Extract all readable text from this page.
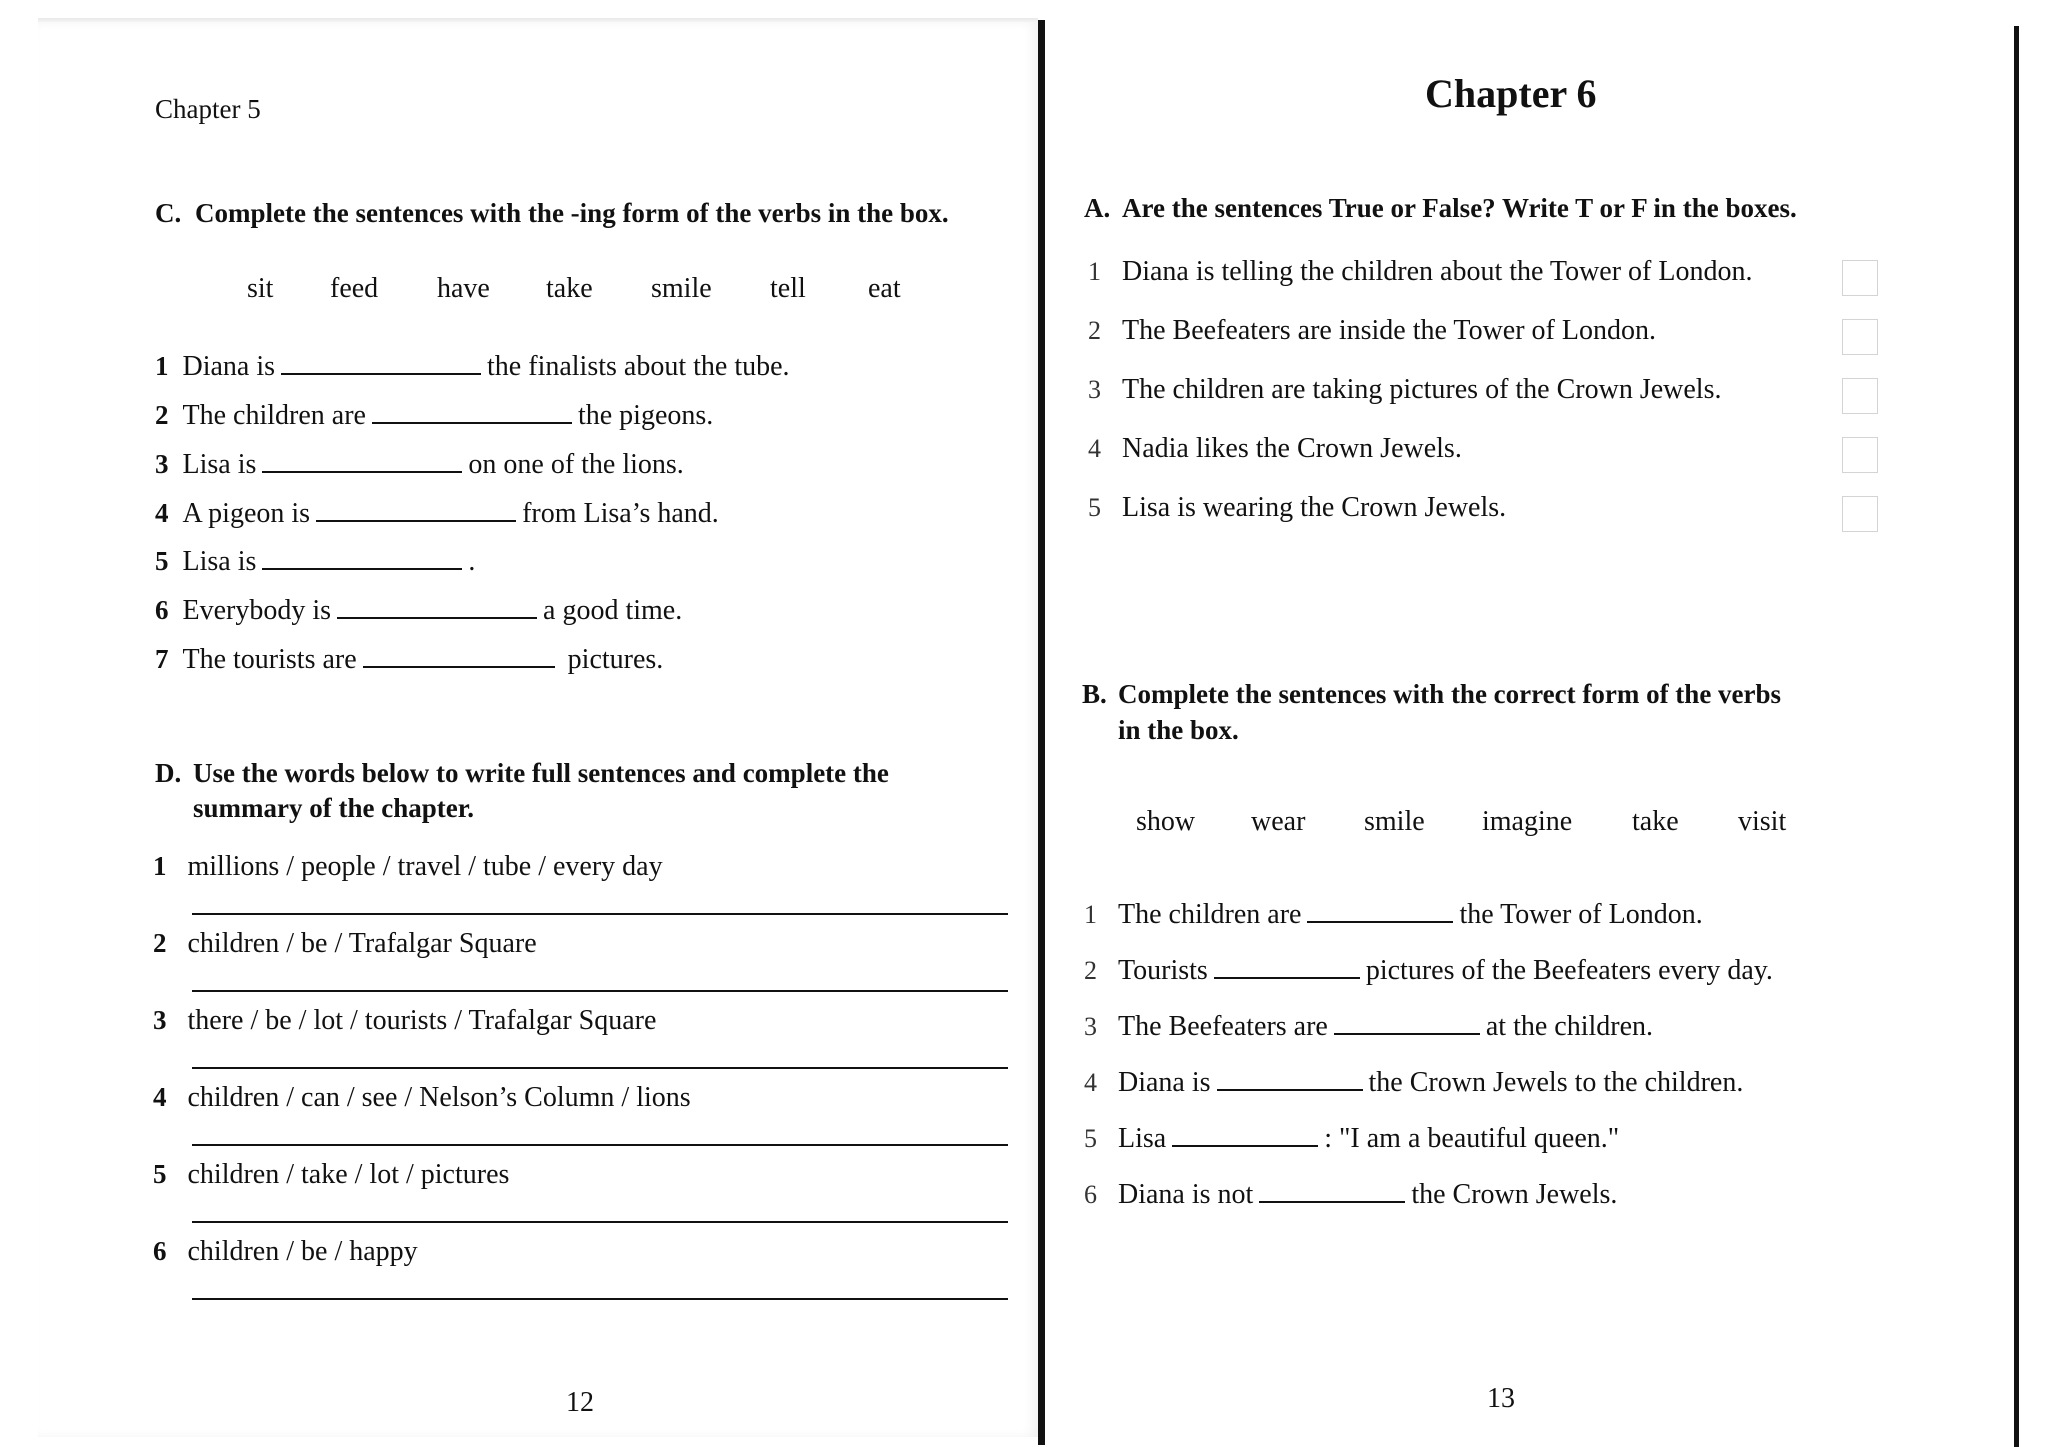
Chapter 5
C. Complete the sentences with the -ing form of the verbs in the box.
sit feed have take smile tell eat
1 Diana is	the finalists about the tube.
2 The children are	the pigeons.
3 Lisa is	on one of the lions.
4 A pigeon is	from Lisa’s hand.
5 Lisa is	.
6 Everybody is	a good time.
7 The tourists are	pictures.
D. Use the words below to write full sentences and complete the
summary of the chapter.
1 millions / people / travel / tube / every day
2 children / be / Trafalgar Square
3 there / be / lot / tourists / Trafalgar Square
4 children / can / see / Nelson’s Column / lions
5 children / take / lot / pictures
6 children / be / happy
12
Chapter 6
A. Are the sentences True or False? Write T or F in the boxes.
1 Diana is telling the children about the Tower of London.
2 The Beefeaters are inside the Tower of London.
3 The children are taking pictures of the Crown Jewels.
4 Nadia likes the Crown Jewels.
5 Lisa is wearing the Crown Jewels.
B. Complete the sentences with the correct form of the verbs
in the box.
show wear smile imagine take visit
1 The children are	the Tower of London.
2 Tourists	pictures of the Beefeaters every day.
3 The Beefeaters are	at the children.
4 Diana is	the Crown Jewels to the children.
5 Lisa	: "I am a beautiful queen."
6 Diana is not	the Crown Jewels.
13
